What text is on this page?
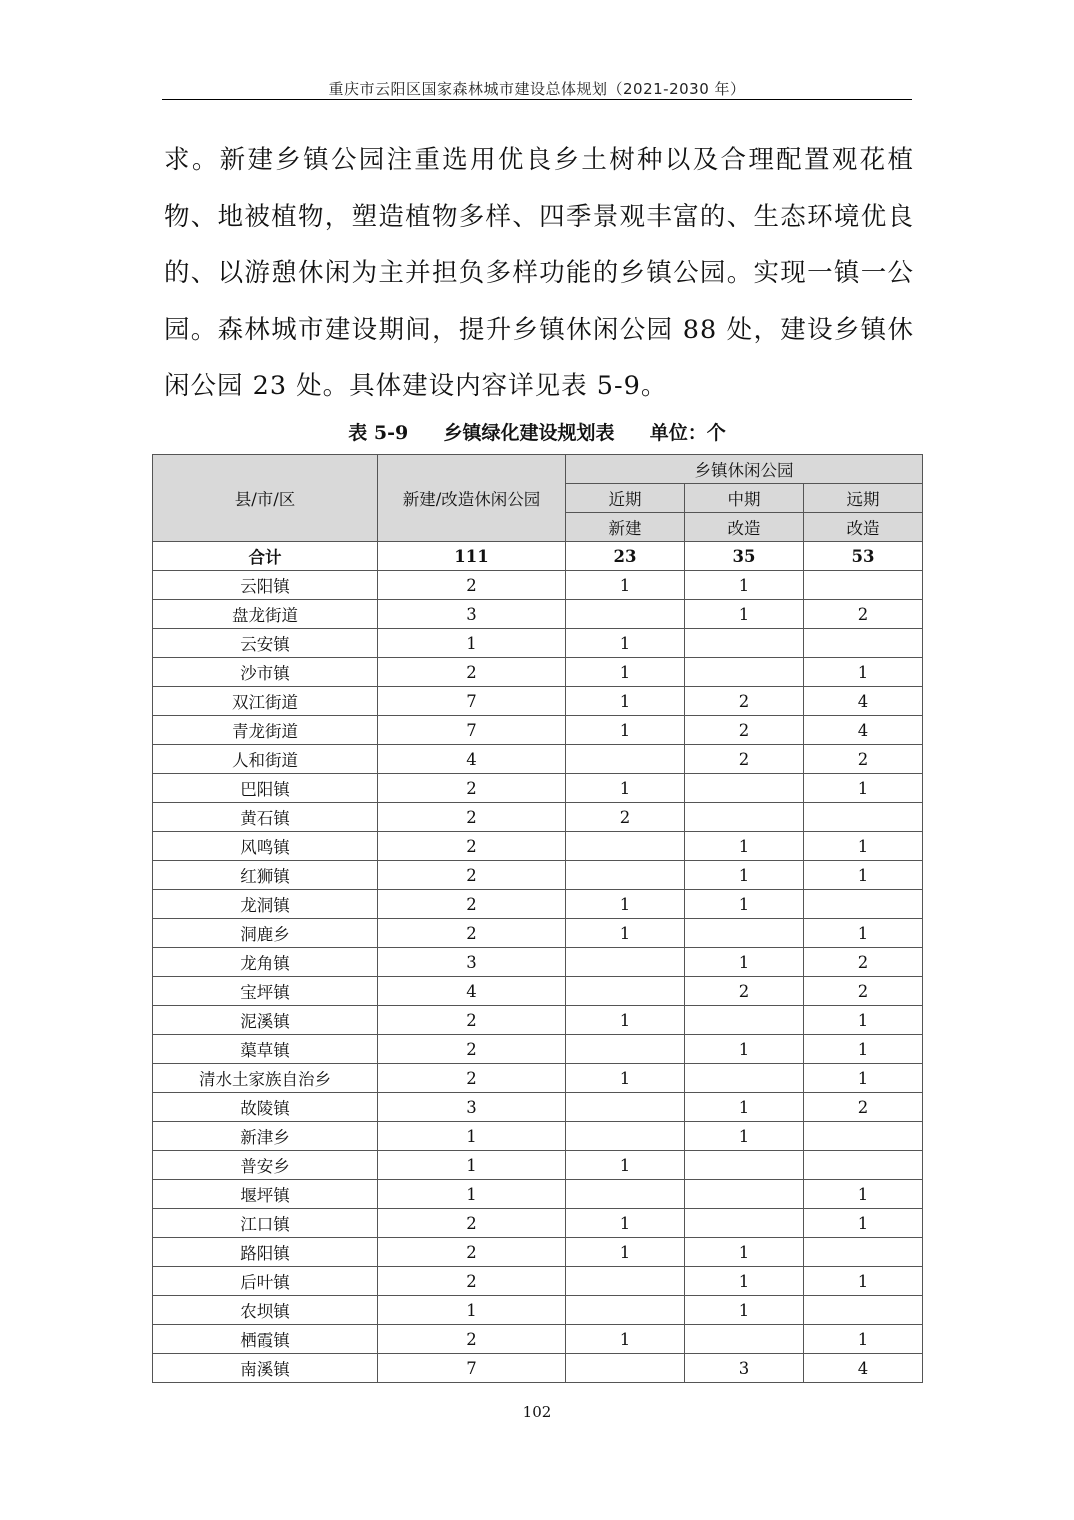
重庆市云阳区国家森林城市建设总体规划（2021-2030 年）

求。新建乡镇公园注重选用优良乡土树种以及合理配置观花植物、地被植物，塑造植物多样、四季景观丰富的、生态环境优良的、以游憩休闲为主并担负多样功能的乡镇公园。实现一镇一公园。森林城市建设期间，提升乡镇休闲公园 88 处，建设乡镇休闲公园 23 处。具体建设内容详见表 5-9。

表 5-9 乡镇绿化建设规划表 单位：个
县/市/区	新建/改造休闲公园	乡镇休闲公园		
		近期	中期	远期
		新建	改造	改造
合计	111	23	35	53
云阳镇	2	1	1	
盘龙街道	3		1	2
云安镇	1	1		
沙市镇	2	1		1
双江街道	7	1	2	4
青龙街道	7	1	2	4
人和街道	4		2	2
巴阳镇	2	1		1
黄石镇	2	2		
风鸣镇	2		1	1
红狮镇	2		1	1
龙洞镇	2	1	1	
洞鹿乡	2	1		1
龙角镇	3		1	2
宝坪镇	4		2	2
泥溪镇	2	1		1
蕖草镇	2		1	1
清水土家族自治乡	2	1		1
故陵镇	3		1	2
新津乡	1		1	
普安乡	1	1		
堰坪镇	1			1
江口镇	2	1		1
路阳镇	2	1	1	
后叶镇	2		1	1
农坝镇	1		1	
栖霞镇	2	1		1
南溪镇	7		3	4
102
